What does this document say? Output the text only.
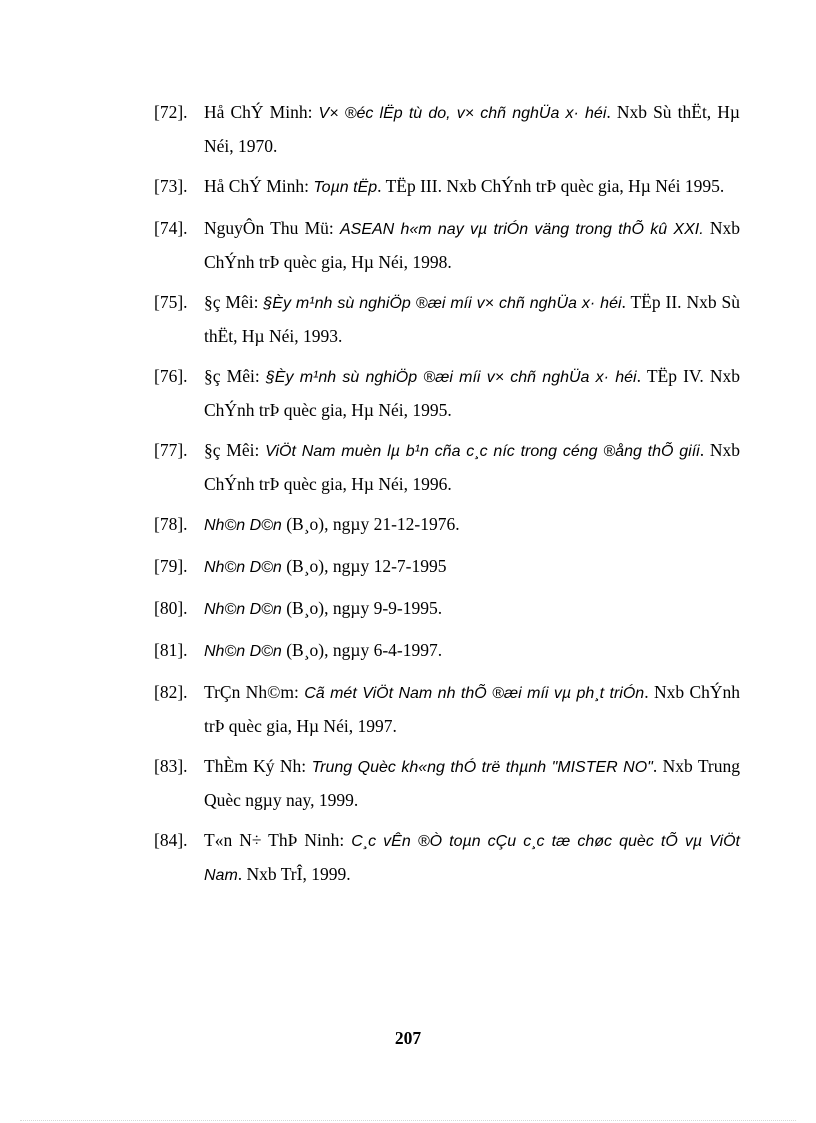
[72]. Hå ChÝ Minh: V× ®éc lËp tù do, v× chñ nghÜa x· héi. Nxb Sù thËt, Hµ Néi, 1970.
[73]. Hå ChÝ Minh: Toµn tËp. TËp III. Nxb ChÝnh trÞ quèc gia, Hµ Néi 1995.
[74]. NguyÔn Thu Mü: ASEAN h«m nay vµ triÓn väng trong thÕ kû XXI. Nxb ChÝnh trÞ quèc gia, Hµ Néi, 1998.
[75]. §ç Mêi: §Èy m¹nh sù nghiÖp ®æi míi v× chñ nghÜa x· héi. TËp II. Nxb Sù thËt, Hµ Néi, 1993.
[76]. §ç Mêi: §Èy m¹nh sù nghiÖp ®æi míi v× chñ nghÜa x· héi. TËp IV. Nxb ChÝnh trÞ quèc gia, Hµ Néi, 1995.
[77]. §ç Mêi: ViÖt Nam muèn lµ b¹n cña c¸c níc trong céng ®ång thÕ giíi. Nxb ChÝnh trÞ quèc gia, Hµ Néi, 1996.
[78].	Nh©n D©n (B¸o), ngµy 21-12-1976.
[79].	Nh©n D©n (B¸o), ngµy 12-7-1995
[80].	Nh©n D©n (B¸o), ngµy 9-9-1995.
[81].	Nh©n D©n (B¸o), ngµy 6-4-1997.
[82]. TrÇn Nh©m: Cã mét ViÖt Nam nh thÕ ®æi míi vµ ph¸t triÓn. Nxb ChÝnh trÞ quèc gia, Hµ Néi, 1997.
[83]. ThÈm Ký Nh: Trung Quèc kh«ng thÓ trë thµnh "MISTER NO". Nxb Trung Quèc ngµy nay, 1999.
[84]. T«n N÷ ThÞ Ninh: C¸c vÊn ®Ò toµn cÇu c¸c tæ chøc quèc tÕ vµ ViÖt Nam. Nxb TrÎ, 1999.
207
